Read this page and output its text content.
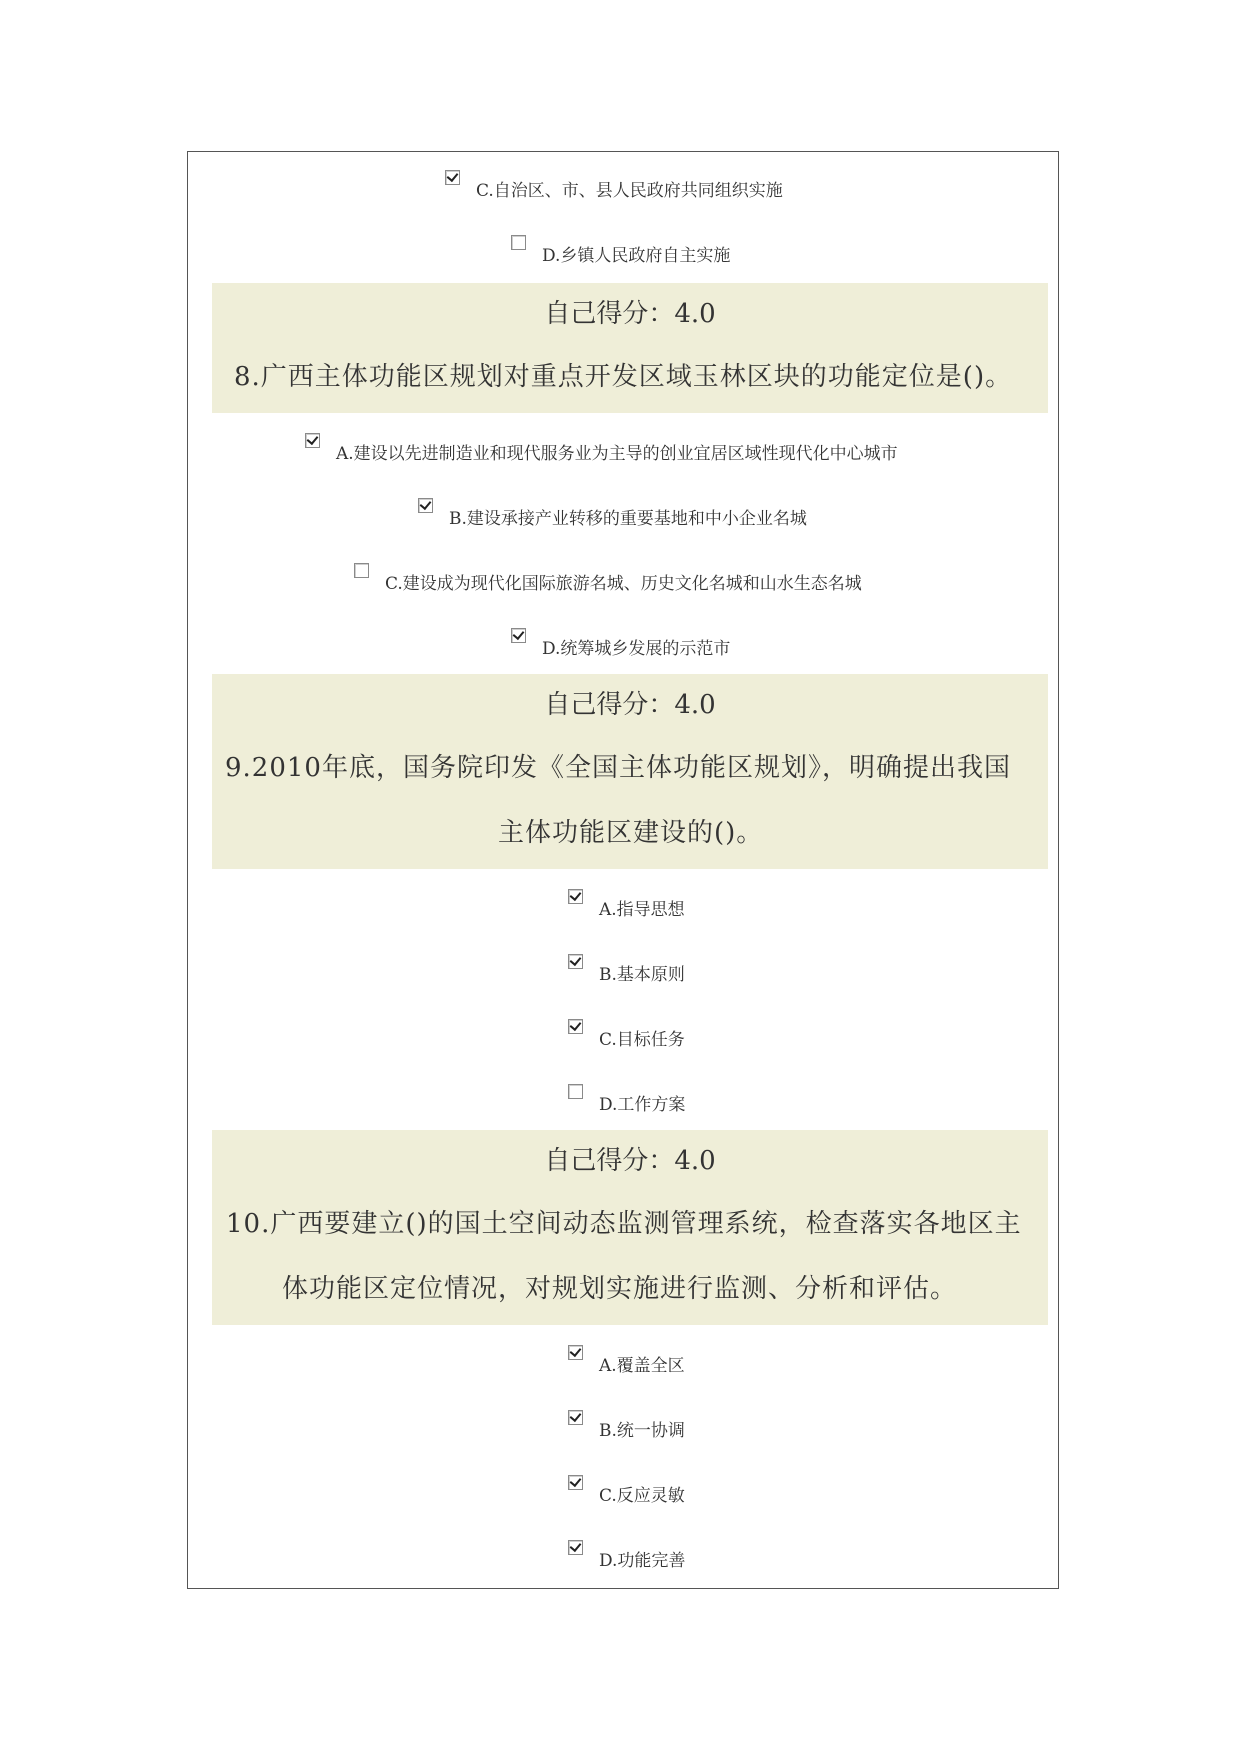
C.自治区、市、县人民政府共同组织实施
D.乡镇人民政府自主实施
自己得分：4.0
8.广西主体功能区规划对重点开发区域玉林区块的功能定位是()。
A.建设以先进制造业和现代服务业为主导的创业宜居区域性现代化中心城市
B.建设承接产业转移的重要基地和中小企业名城
C.建设成为现代化国际旅游名城、历史文化名城和山水生态名城
D.统筹城乡发展的示范市
自己得分：4.0
9.2010年底，国务院印发《全国主体功能区规划》，明确提出我国
主体功能区建设的()。
A.指导思想
B.基本原则
C.目标任务
D.工作方案
自己得分：4.0
10.广西要建立()的国土空间动态监测管理系统，检查落实各地区主
体功能区定位情况，对规划实施进行监测、分析和评估。
A.覆盖全区
B.统一协调
C.反应灵敏
D.功能完善
